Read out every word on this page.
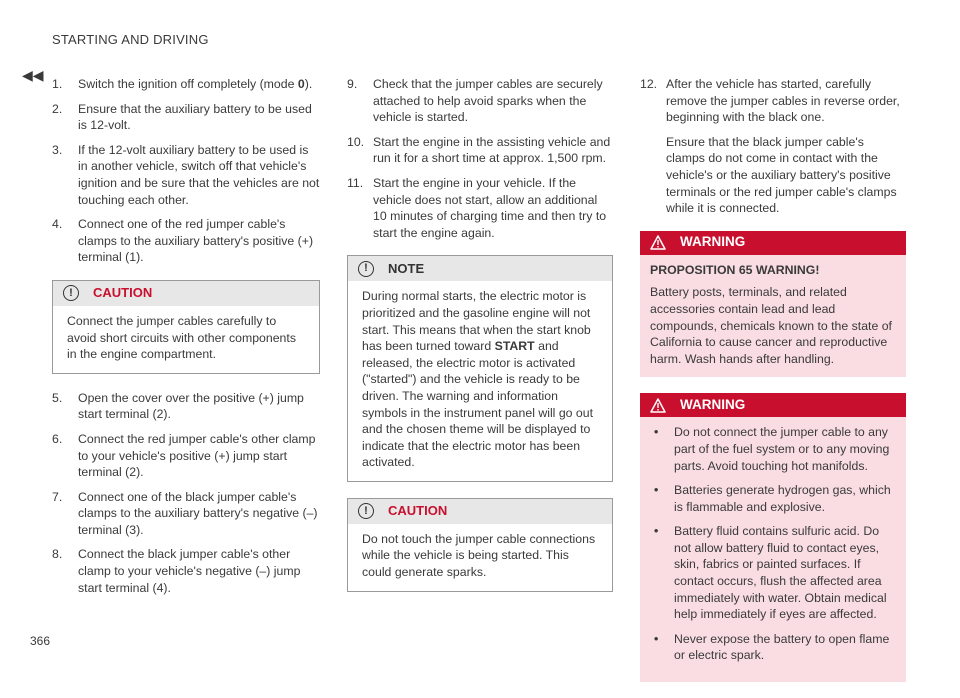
STARTING AND DRIVING
◀◀
366
1. Switch the ignition off completely (mode 0).
2. Ensure that the auxiliary battery to be used is 12-volt.
3. If the 12-volt auxiliary battery to be used is in another vehicle, switch off that vehicle's ignition and be sure that the vehicles are not touching each other.
4. Connect one of the red jumper cable's clamps to the auxiliary battery's positive (+) terminal (1).
!	CAUTION
Connect the jumper cables carefully to avoid short circuits with other components in the engine compartment.
5. Open the cover over the positive (+) jump start terminal (2).
6. Connect the red jumper cable's other clamp to your vehicle's positive (+) jump start terminal (2).
7. Connect one of the black jumper cable's clamps to the auxiliary battery's negative (–) terminal (3).
8. Connect the black jumper cable's other clamp to your vehicle's negative (–) jump start terminal (4).
9. Check that the jumper cables are securely attached to help avoid sparks when the vehicle is started.
10. Start the engine in the assisting vehicle and run it for a short time at approx. 1,500 rpm.
11. Start the engine in your vehicle. If the vehicle does not start, allow an additional 10 minutes of charging time and then try to start the engine again.
!	NOTE
During normal starts, the electric motor is prioritized and the gasoline engine will not start. This means that when the start knob has been turned toward START and released, the electric motor is activated ("started") and the vehicle is ready to be driven. The warning and information symbols in the instrument panel will go out and the chosen theme will be displayed to indicate that the electric motor has been activated.
!	CAUTION
Do not touch the jumper cable connections while the vehicle is being started. This could generate sparks.
12. After the vehicle has started, carefully remove the jumper cables in reverse order, beginning with the black one.
Ensure that the black jumper cable's clamps do not come in contact with the vehicle's or the auxiliary battery's positive terminals or the red jumper cable's clamps while it is connected.
WARNING
PROPOSITION 65 WARNING!
Battery posts, terminals, and related accessories contain lead and lead compounds, chemicals known to the state of California to cause cancer and reproductive harm. Wash hands after handling.
WARNING
• Do not connect the jumper cable to any part of the fuel system or to any moving parts. Avoid touching hot manifolds.
• Batteries generate hydrogen gas, which is flammable and explosive.
• Battery fluid contains sulfuric acid. Do not allow battery fluid to contact eyes, skin, fabrics or painted surfaces. If contact occurs, flush the affected area immediately with water. Obtain medical help immediately if eyes are affected.
• Never expose the battery to open flame or electric spark.
